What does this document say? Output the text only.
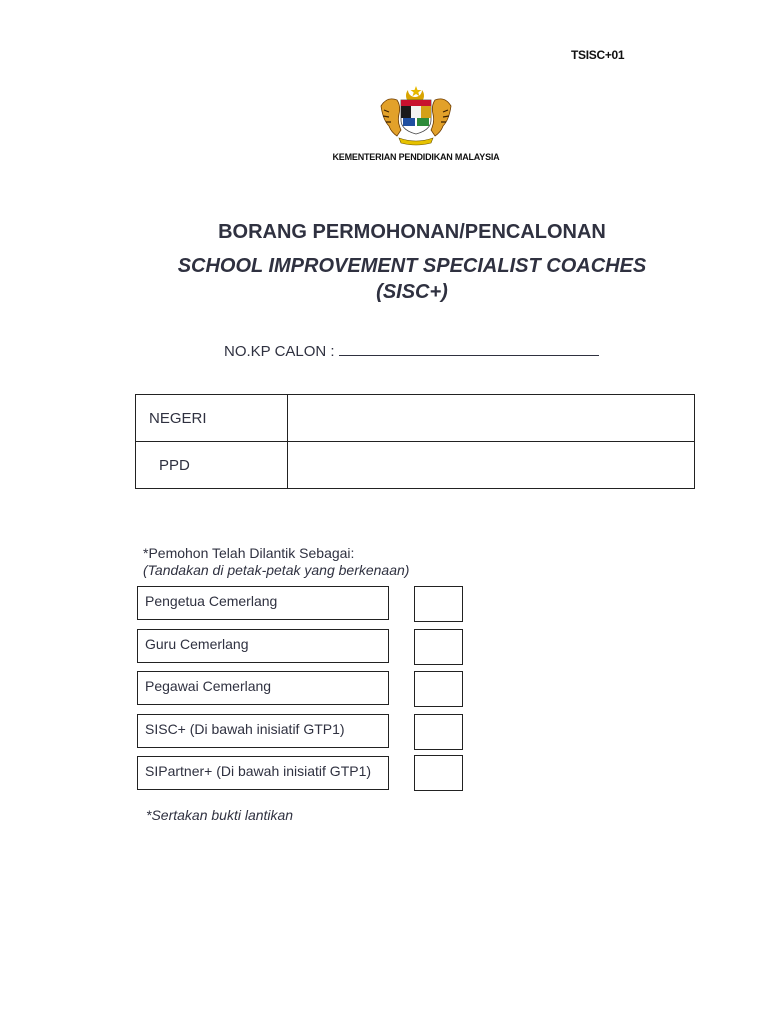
TSISC+01
KEMENTERIAN PENDIDIKAN MALAYSIA
BORANG PERMOHONAN/PENCALONAN
SCHOOL IMPROVEMENT SPECIALIST COACHES
(SISC+)
NO.KP CALON :
NEGERI	
PPD	
*Pemohon Telah Dilantik Sebagai:
(Tandakan di petak-petak yang berkenaan)
Pengetua Cemerlang
Guru Cemerlang
Pegawai Cemerlang
SISC+ (Di bawah inisiatif GTP1)
SIPartner+ (Di bawah inisiatif GTP1)
*Sertakan bukti lantikan
